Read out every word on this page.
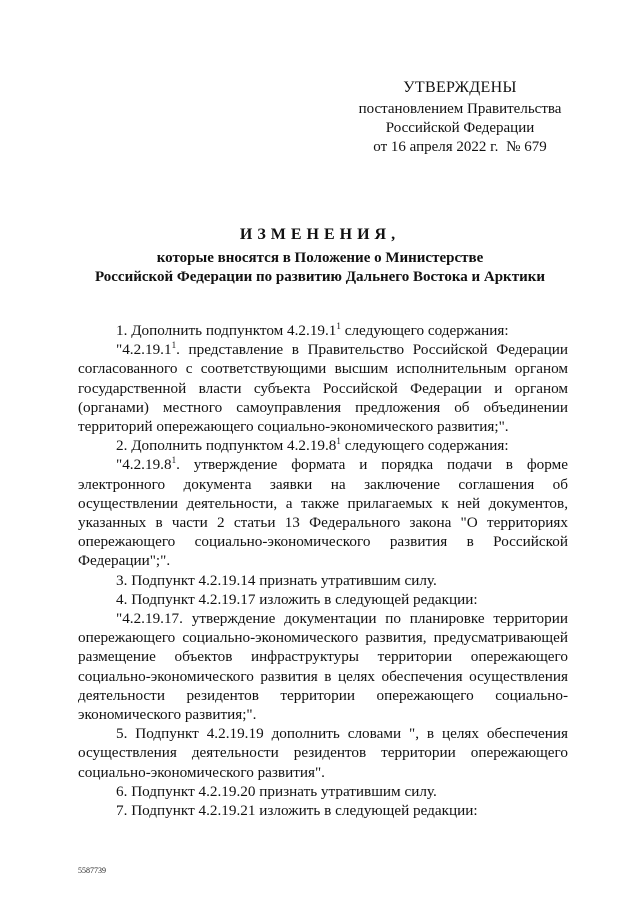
УТВЕРЖДЕНЫ
постановлением Правительства
Российской Федерации
от 16 апреля 2022 г. № 679
ИЗМЕНЕНИЯ,
которые вносятся в Положение о Министерстве
Российской Федерации по развитию Дальнего Востока и Арктики

1. Дополнить подпунктом 4.2.19.1$^1$ следующего содержания:

"4.2.19.1$^1$. представление в Правительство Российской Федерации согласованного с соответствующими высшим исполнительным органом государственной власти субъекта Российской Федерации и органом (органами) местного самоуправления предложения об объединении территорий опережающего социально-экономического развития;".

2. Дополнить подпунктом 4.2.19.8$^1$ следующего содержания:

"4.2.19.8$^1$. утверждение формата и порядка подачи в форме электронного документа заявки на заключение соглашения об осуществлении деятельности, а также прилагаемых к ней документов, указанных в части 2 статьи 13 Федерального закона "О территориях опережающего социально-экономического развития в Российской Федерации";".

3. Подпункт 4.2.19.14 признать утратившим силу.

4. Подпункт 4.2.19.17 изложить в следующей редакции:

"4.2.19.17. утверждение документации по планировке территории опережающего социально-экономического развития, предусматривающей размещение объектов инфраструктуры территории опережающего социально-экономического развития в целях обеспечения осуществления деятельности резидентов территории опережающего социально-экономического развития;".

5. Подпункт 4.2.19.19 дополнить словами ", в целях обеспечения осуществления деятельности резидентов территории опережающего социально-экономического развития".

6. Подпункт 4.2.19.20 признать утратившим силу.

7. Подпункт 4.2.19.21 изложить в следующей редакции:

5587739
